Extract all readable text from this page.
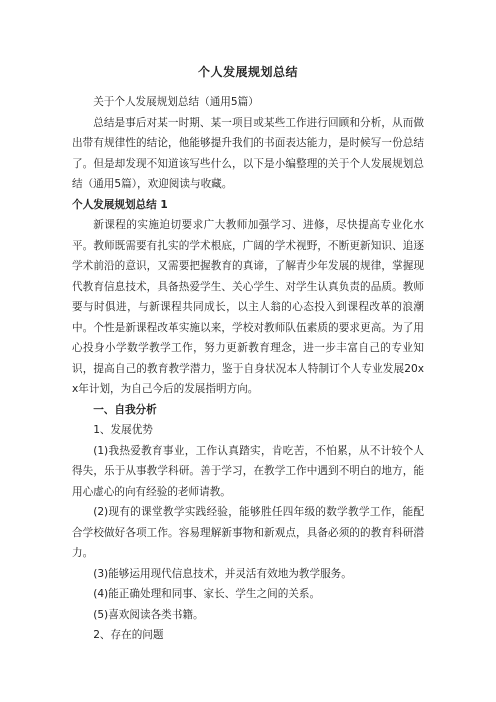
个人发展规划总结

关于个人发展规划总结（通用5篇）

总结是事后对某一时期、某一项目或某些工作进行回顾和分析，从而做出带有规律性的结论，他能够提升我们的书面表达能力，是时候写一份总结了。但是却发现不知道该写些什么，以下是小编整理的关于个人发展规划总结（通用5篇），欢迎阅读与收藏。

个人发展规划总结 1

新课程的实施迫切要求广大教师加强学习、进修，尽快提高专业化水平。教师既需要有扎实的学术根底，广阔的学术视野，不断更新知识、追逐学术前沿的意识，又需要把握教育的真谛，了解青少年发展的规律，掌握现代教育信息技术，具备热爱学生、关心学生、对学生认真负责的品质。教师要与时俱进，与新课程共同成长，以主人翁的心态投入到课程改革的浪潮中。个性是新课程改革实施以来，学校对教师队伍素质的要求更高。为了用心投身小学数学教学工作，努力更新教育理念，进一步丰富自己的专业知识，提高自己的教育教学潜力，鉴于自身状况本人特制订个人专业发展20xx年计划，为自己今后的发展指明方向。

一、自我分析

1、发展优势

(1)我热爱教育事业，工作认真踏实，肯吃苦，不怕累，从不计较个人得失，乐于从事教学科研。善于学习，在教学工作中遇到不明白的地方，能用心虚心的向有经验的老师请教。

(2)现有的课堂教学实践经验，能够胜任四年级的数学教学工作，能配合学校做好各项工作。容易理解新事物和新观点，具备必须的的教育科研潜力。

(3)能够运用现代信息技术，并灵活有效地为教学服务。

(4)能正确处理和同事、家长、学生之间的关系。

(5)喜欢阅读各类书籍。

2、存在的问题
